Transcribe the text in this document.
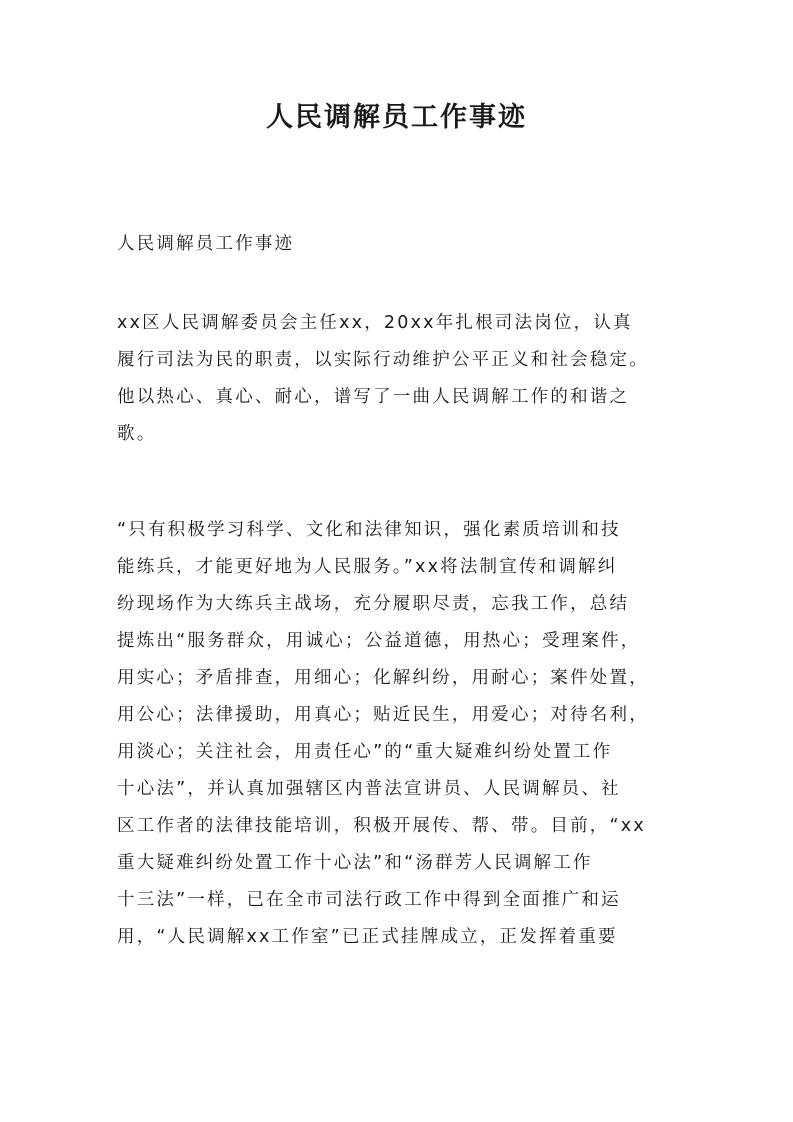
人民调解员工作事迹
人民调解员工作事迹
xx区人民调解委员会主任xx，20xx年扎根司法岗位，认真
履行司法为民的职责，以实际行动维护公平正义和社会稳定。
他以热心、真心、耐心，谱写了一曲人民调解工作的和谐之
歌。
“只有积极学习科学、文化和法律知识，强化素质培训和技
能练兵，才能更好地为人民服务。”xx将法制宣传和调解纠
纷现场作为大练兵主战场，充分履职尽责，忘我工作，总结
提炼出“服务群众，用诚心；公益道德，用热心；受理案件，
用实心；矛盾排查，用细心；化解纠纷，用耐心；案件处置，
用公心；法律援助，用真心；贴近民生，用爱心；对待名利，
用淡心；关注社会，用责任心”的“重大疑难纠纷处置工作
十心法”，并认真加强辖区内普法宣讲员、人民调解员、社
区工作者的法律技能培训，积极开展传、帮、带。目前，“xx
重大疑难纠纷处置工作十心法”和“汤群芳人民调解工作
十三法”一样，已在全市司法行政工作中得到全面推广和运
用，“人民调解xx工作室”已正式挂牌成立，正发挥着重要
